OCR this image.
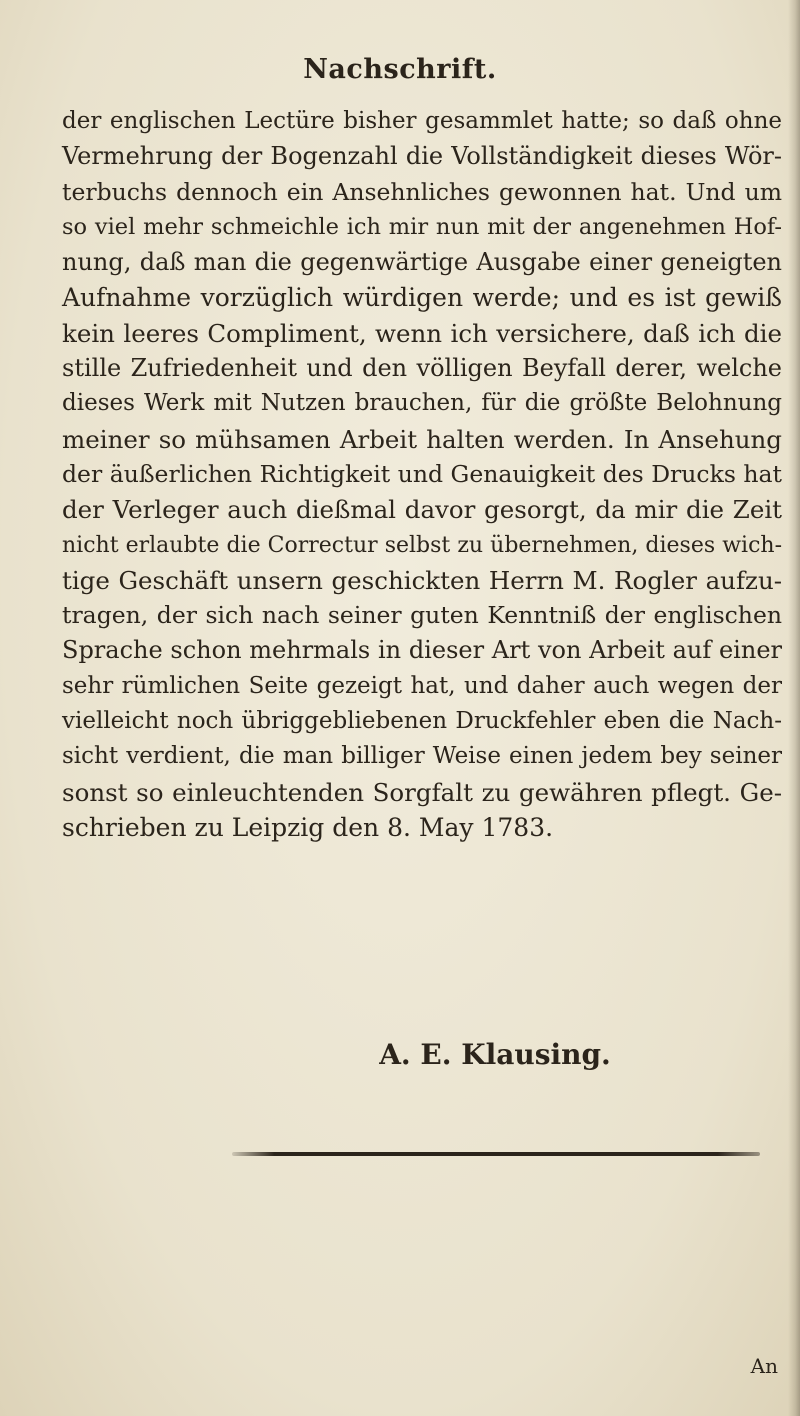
Nachschrift.
der englischen Lectüre bisher gesammlet hatte; so daß ohne
Vermehrung der Bogenzahl die Vollständigkeit dieses Wör-
terbuchs dennoch ein Ansehnliches gewonnen hat. Und um
so viel mehr schmeichle ich mir nun mit der angenehmen Hof-
nung, daß man die gegenwärtige Ausgabe einer geneigten
Aufnahme vorzüglich würdigen werde; und es ist gewiß
kein leeres Compliment, wenn ich versichere, daß ich die
stille Zufriedenheit und den völligen Beyfall derer, welche
dieses Werk mit Nutzen brauchen, für die größte Belohnung
meiner so mühsamen Arbeit halten werden. In Ansehung
der äußerlichen Richtigkeit und Genauigkeit des Drucks hat
der Verleger auch dießmal davor gesorgt, da mir die Zeit
nicht erlaubte die Correctur selbst zu übernehmen, dieses wich-
tige Geschäft unsern geschickten Herrn M. Rogler aufzu-
tragen, der sich nach seiner guten Kenntniß der englischen
Sprache schon mehrmals in dieser Art von Arbeit auf einer
sehr rümlichen Seite gezeigt hat, und daher auch wegen der
vielleicht noch übriggebliebenen Druckfehler eben die Nach-
sicht verdient, die man billiger Weise einen jedem bey seiner
sonst so einleuchtenden Sorgfalt zu gewähren pflegt. Ge-
schrieben zu Leipzig den 8. May 1783.
A. E. Klausing.
An
